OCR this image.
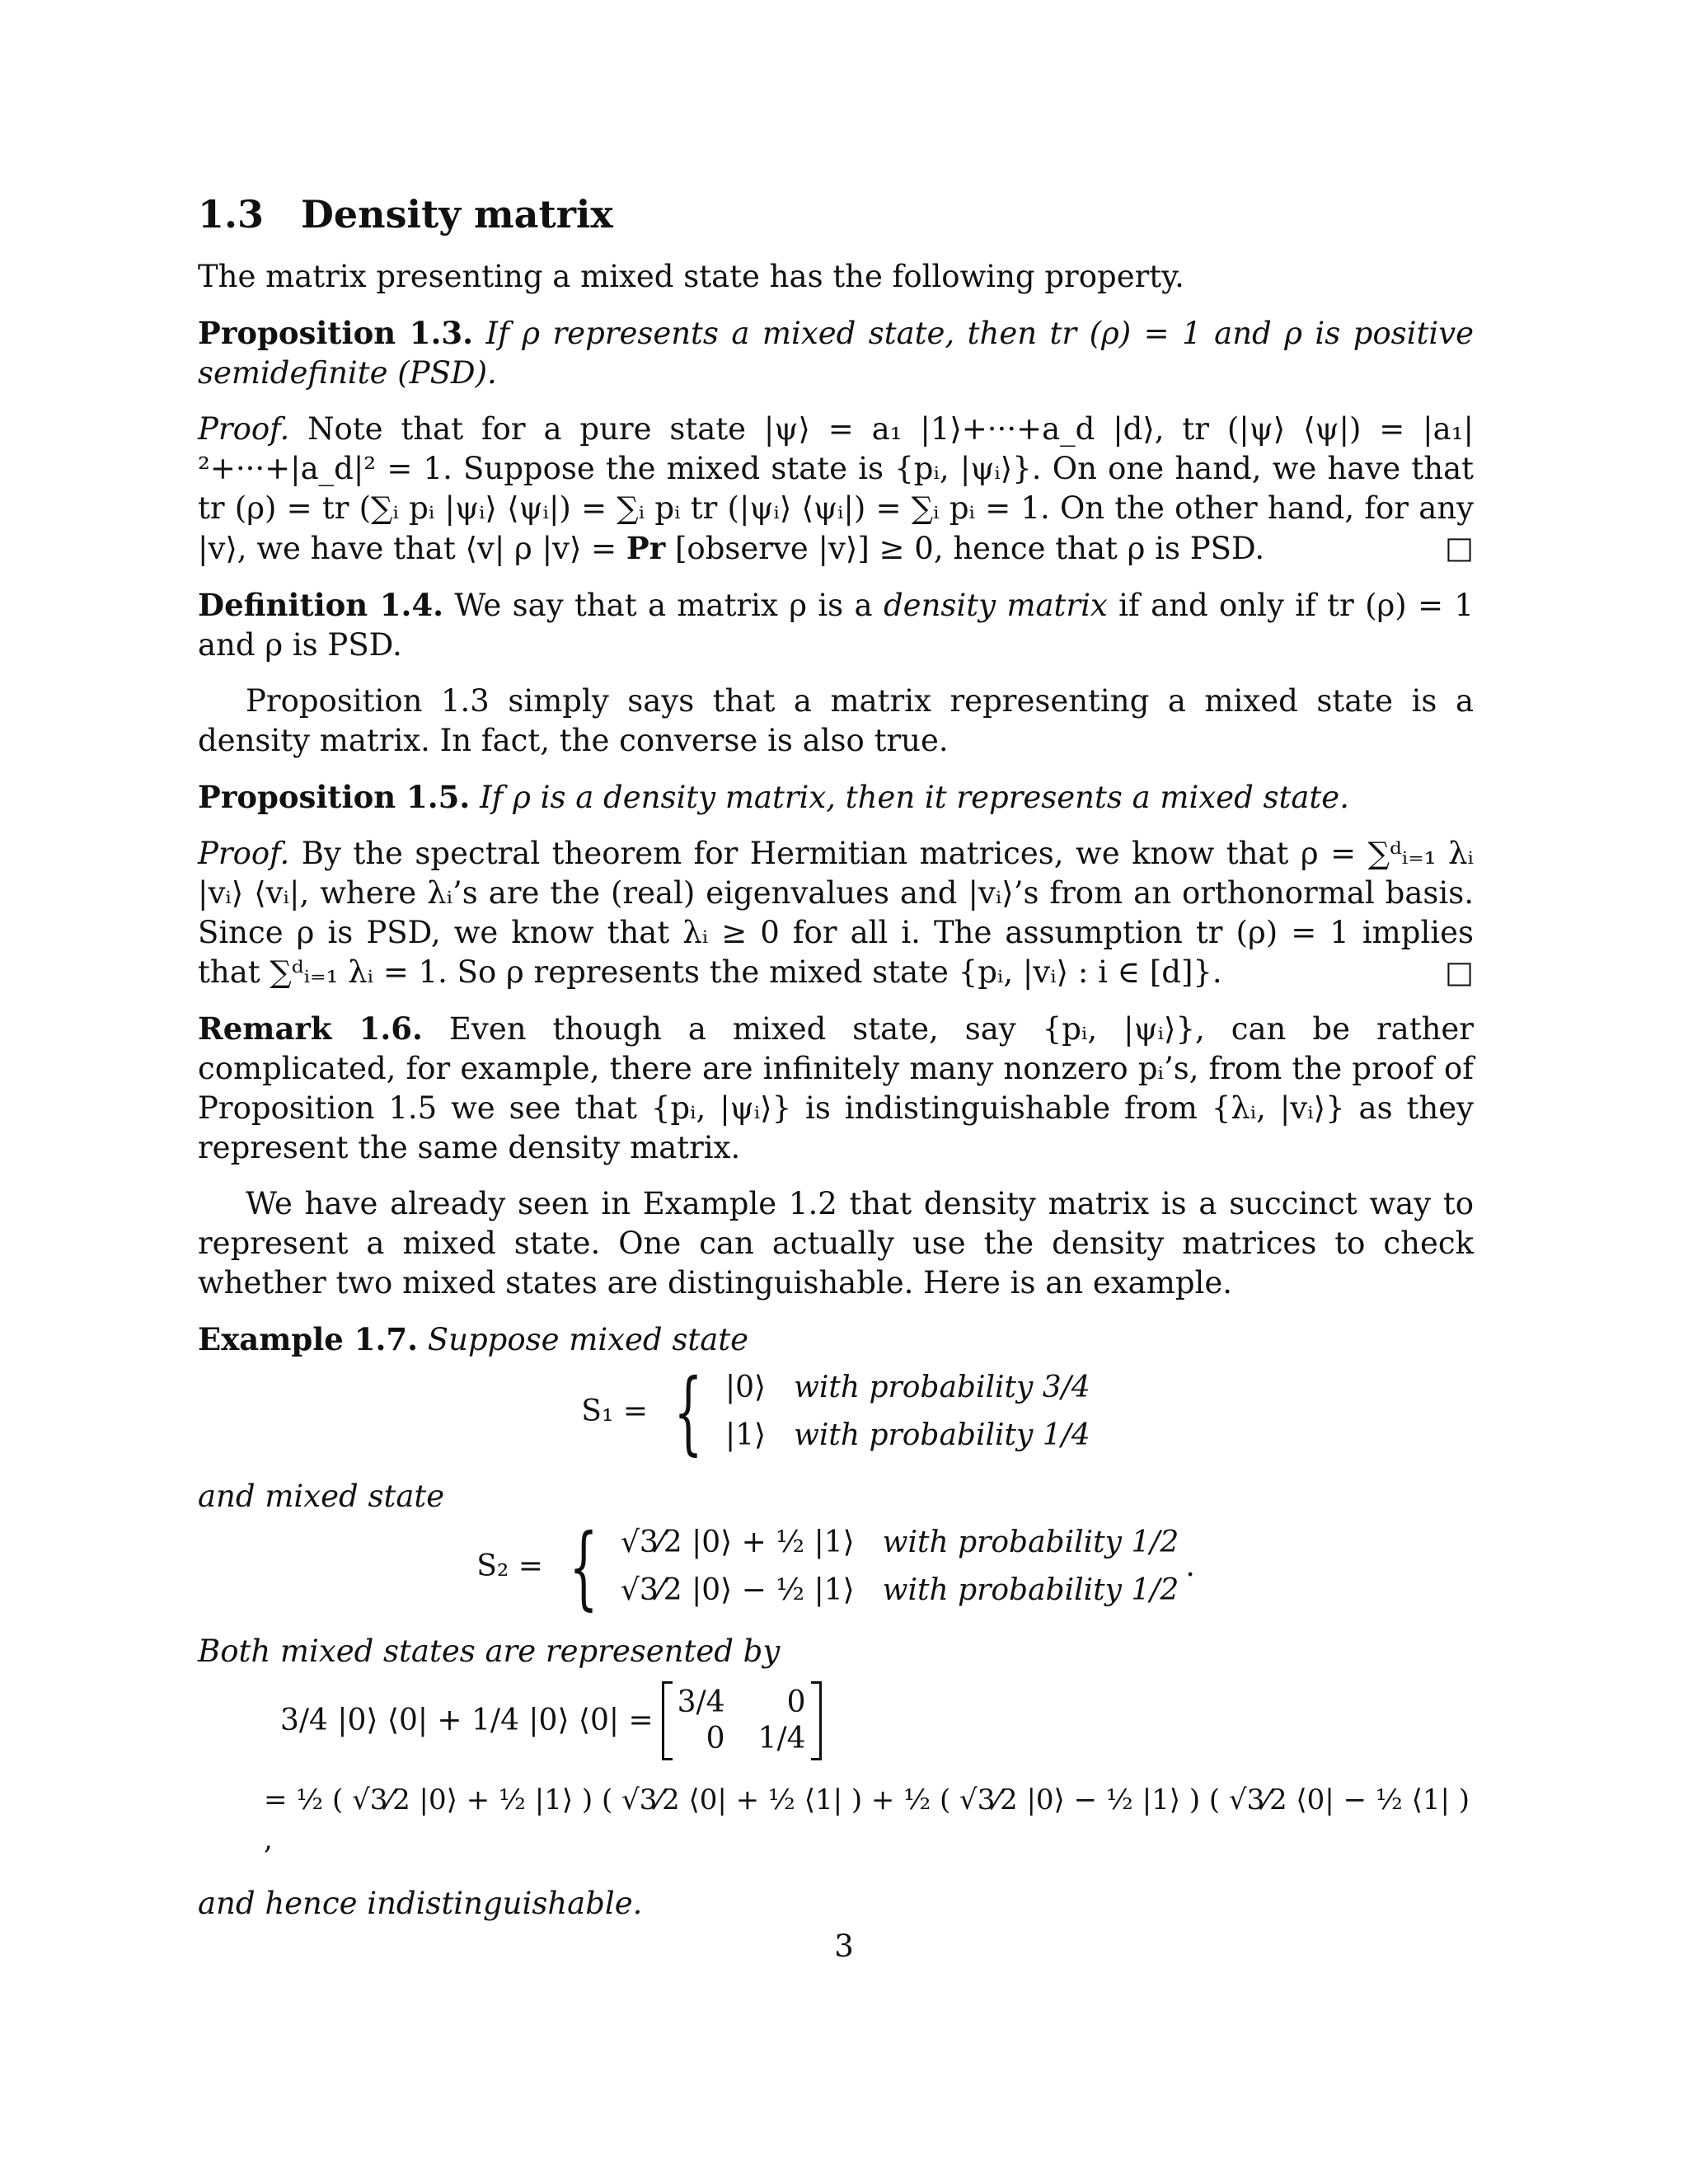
1.3 Density matrix

The matrix presenting a mixed state has the following property.

Proposition 1.3. If ρ represents a mixed state, then tr (ρ) = 1 and ρ is positive semidefinite (PSD).

Proof. Note that for a pure state |ψ⟩ = a₁ |1⟩+···+a_d |d⟩, tr (|ψ⟩ ⟨ψ|) = |a₁|²+···+|a_d|² = 1. Suppose the mixed state is {pᵢ, |ψᵢ⟩}. On one hand, we have that tr (ρ) = tr (∑ᵢ pᵢ |ψᵢ⟩ ⟨ψᵢ|) = ∑ᵢ pᵢ tr (|ψᵢ⟩ ⟨ψᵢ|) = ∑ᵢ pᵢ = 1. On the other hand, for any |v⟩, we have that ⟨v| ρ |v⟩ = Pr [observe |v⟩] ≥ 0, hence that ρ is PSD.	□

Definition 1.4. We say that a matrix ρ is a density matrix if and only if tr (ρ) = 1 and ρ is PSD.

Proposition 1.3 simply says that a matrix representing a mixed state is a density matrix. In fact, the converse is also true.

Proposition 1.5. If ρ is a density matrix, then it represents a mixed state.

Proof. By the spectral theorem for Hermitian matrices, we know that ρ = ∑ᵈᵢ₌₁ λᵢ |vᵢ⟩ ⟨vᵢ|, where λᵢ’s are the (real) eigenvalues and |vᵢ⟩’s from an orthonormal basis. Since ρ is PSD, we know that λᵢ ≥ 0 for all i. The assumption tr (ρ) = 1 implies that ∑ᵈᵢ₌₁ λᵢ = 1. So ρ represents the mixed state {pᵢ, |vᵢ⟩ : i ∈ [d]}.	□

Remark 1.6. Even though a mixed state, say {pᵢ, |ψᵢ⟩}, can be rather complicated, for example, there are infinitely many nonzero pᵢ’s, from the proof of Proposition 1.5 we see that {pᵢ, |ψᵢ⟩} is indistinguishable from {λᵢ, |vᵢ⟩} as they represent the same density matrix.

We have already seen in Example 1.2 that density matrix is a succinct way to represent a mixed state. One can actually use the density matrices to check whether two mixed states are distinguishable. Here is an example.

Example 1.7. Suppose mixed state

S₁ = { |0⟩ with probability 3/4
|1⟩ with probability 1/4

and mixed state

S₂ = { √3⁄2 |0⟩ + ½ |1⟩ with probability 1/2
√3⁄2 |0⟩ − ½ |1⟩ with probability 1/2
.

Both mixed states are represented by

3/4 |0⟩ ⟨0| + 1/4 |0⟩ ⟨0| =
3/4	0
0 1/4
= ½ ( √3⁄2 |0⟩ + ½ |1⟩ ) ( √3⁄2 ⟨0| + ½ ⟨1| ) + ½ ( √3⁄2 |0⟩ − ½ |1⟩ ) ( √3⁄2 ⟨0| − ½ ⟨1| ) ,

and hence indistinguishable.

3
